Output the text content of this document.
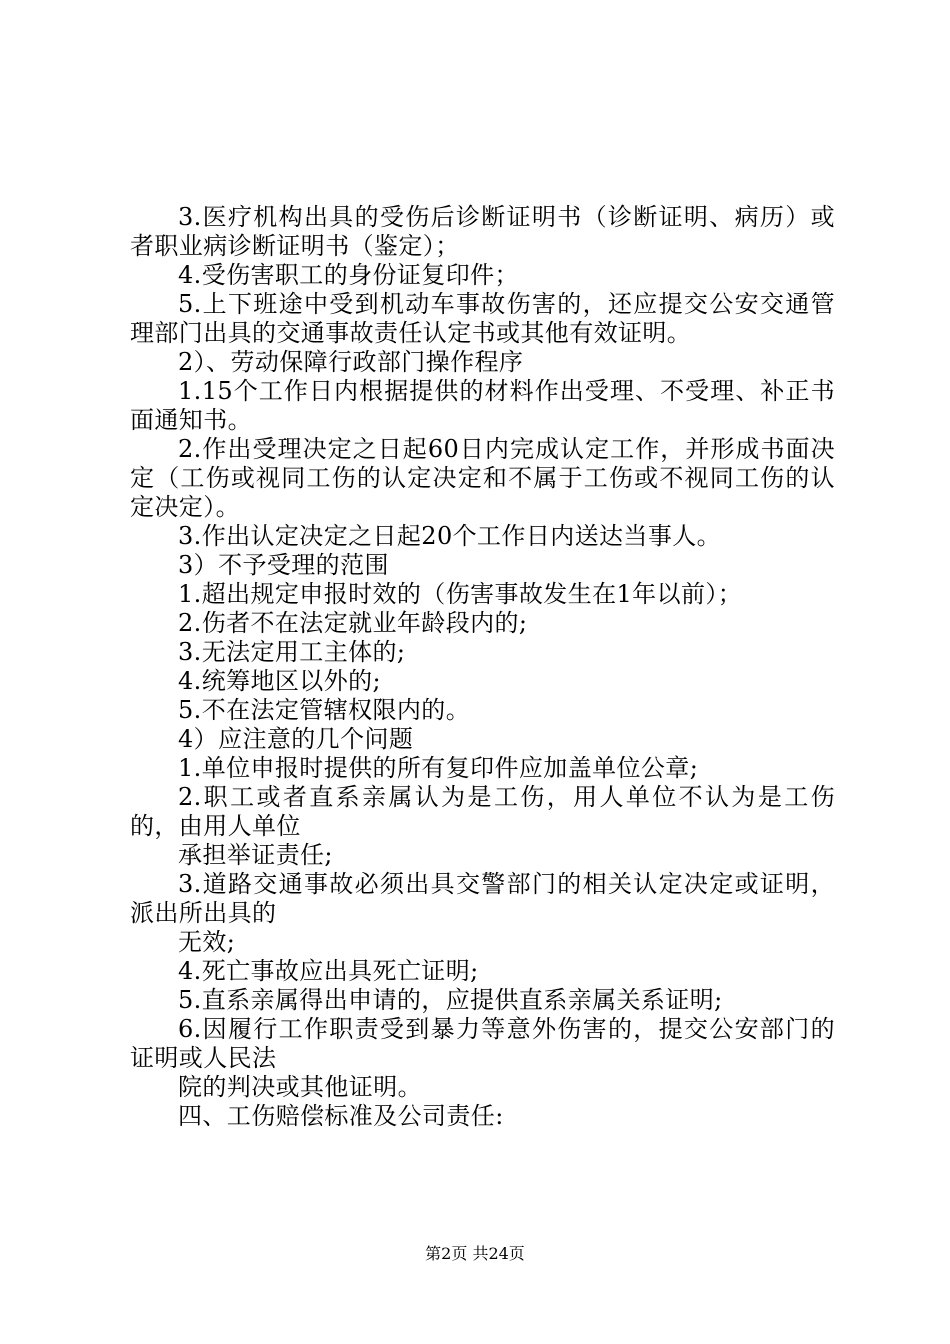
3.医疗机构出具的受伤后诊断证明书（诊断证明、病历）或者职业病诊断证明书（鉴定）；

4.受伤害职工的身份证复印件；

5.上下班途中受到机动车事故伤害的，还应提交公安交通管理部门出具的交通事故责任认定书或其他有效证明。

2）、劳动保障行政部门操作程序

1.15个工作日内根据提供的材料作出受理、不受理、补正书面通知书。

2.作出受理决定之日起60日内完成认定工作，并形成书面决定（工伤或视同工伤的认定决定和不属于工伤或不视同工伤的认定决定）。

3.作出认定决定之日起20个工作日内送达当事人。

3）不予受理的范围

1.超出规定申报时效的（伤害事故发生在1年以前）；

2.伤者不在法定就业年龄段内的;

3.无法定用工主体的;

4.统筹地区以外的;

5.不在法定管辖权限内的。

4）应注意的几个问题

1.单位申报时提供的所有复印件应加盖单位公章;

2.职工或者直系亲属认为是工伤，用人单位不认为是工伤的，由用人单位

承担举证责任;

3.道路交通事故必须出具交警部门的相关认定决定或证明，派出所出具的

无效;

4.死亡事故应出具死亡证明;

5.直系亲属得出申请的，应提供直系亲属关系证明;

6.因履行工作职责受到暴力等意外伤害的，提交公安部门的证明或人民法

院的判决或其他证明。

四、工伤赔偿标准及公司责任:

第2页 共24页
